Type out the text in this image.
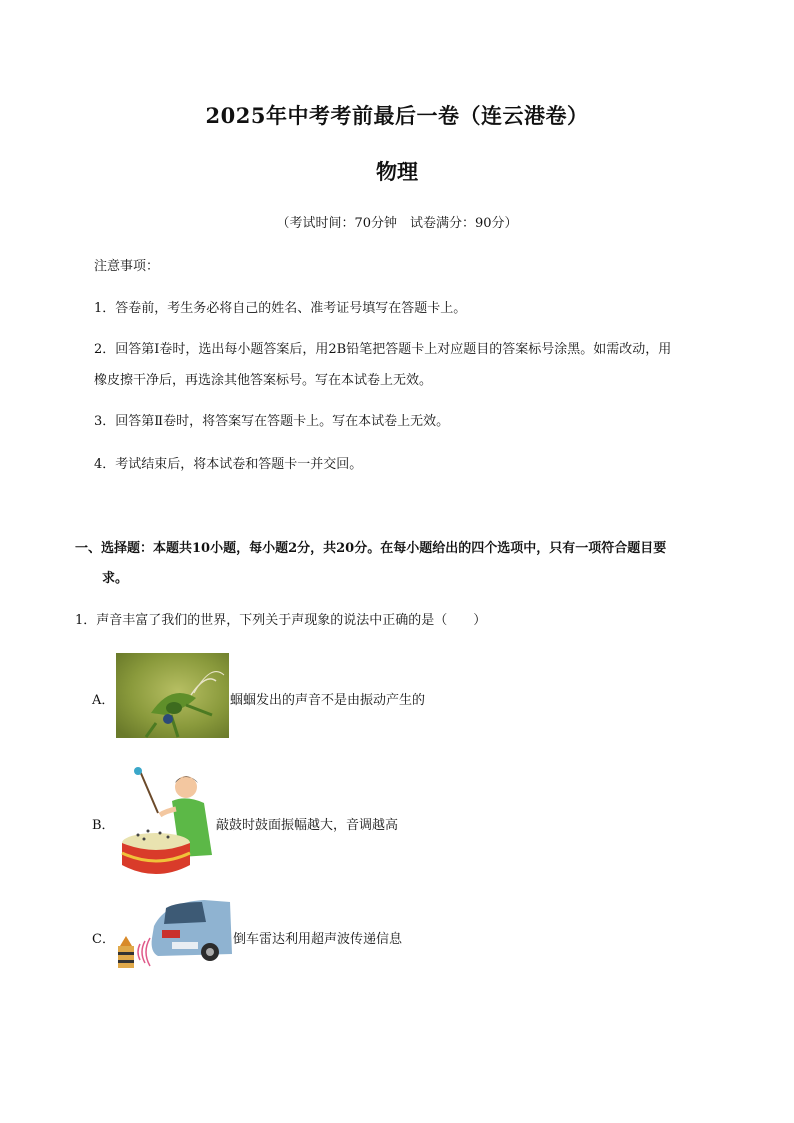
2025年中考考前最后一卷（连云港卷）
物理
（考试时间：70分钟　试卷满分：90分）
注意事项：
1．答卷前，考生务必将自己的姓名、准考证号填写在答题卡上。
2．回答第Ⅰ卷时，选出每小题答案后，用2B铅笔把答题卡上对应题目的答案标号涂黑。如需改动，用
橡皮擦干净后，再选涂其他答案标号。写在本试卷上无效。
3．回答第Ⅱ卷时，将答案写在答题卡上。写在本试卷上无效。
4．考试结束后，将本试卷和答题卡一并交回。
一、选择题：本题共10小题，每小题2分，共20分。在每小题给出的四个选项中，只有一项符合题目要
求。
1．声音丰富了我们的世界，下列关于声现象的说法中正确的是（　　）
A．	蝈蝈发出的声音不是由振动产生的
B．	敲鼓时鼓面振幅越大，音调越高
C．	倒车雷达利用超声波传递信息
